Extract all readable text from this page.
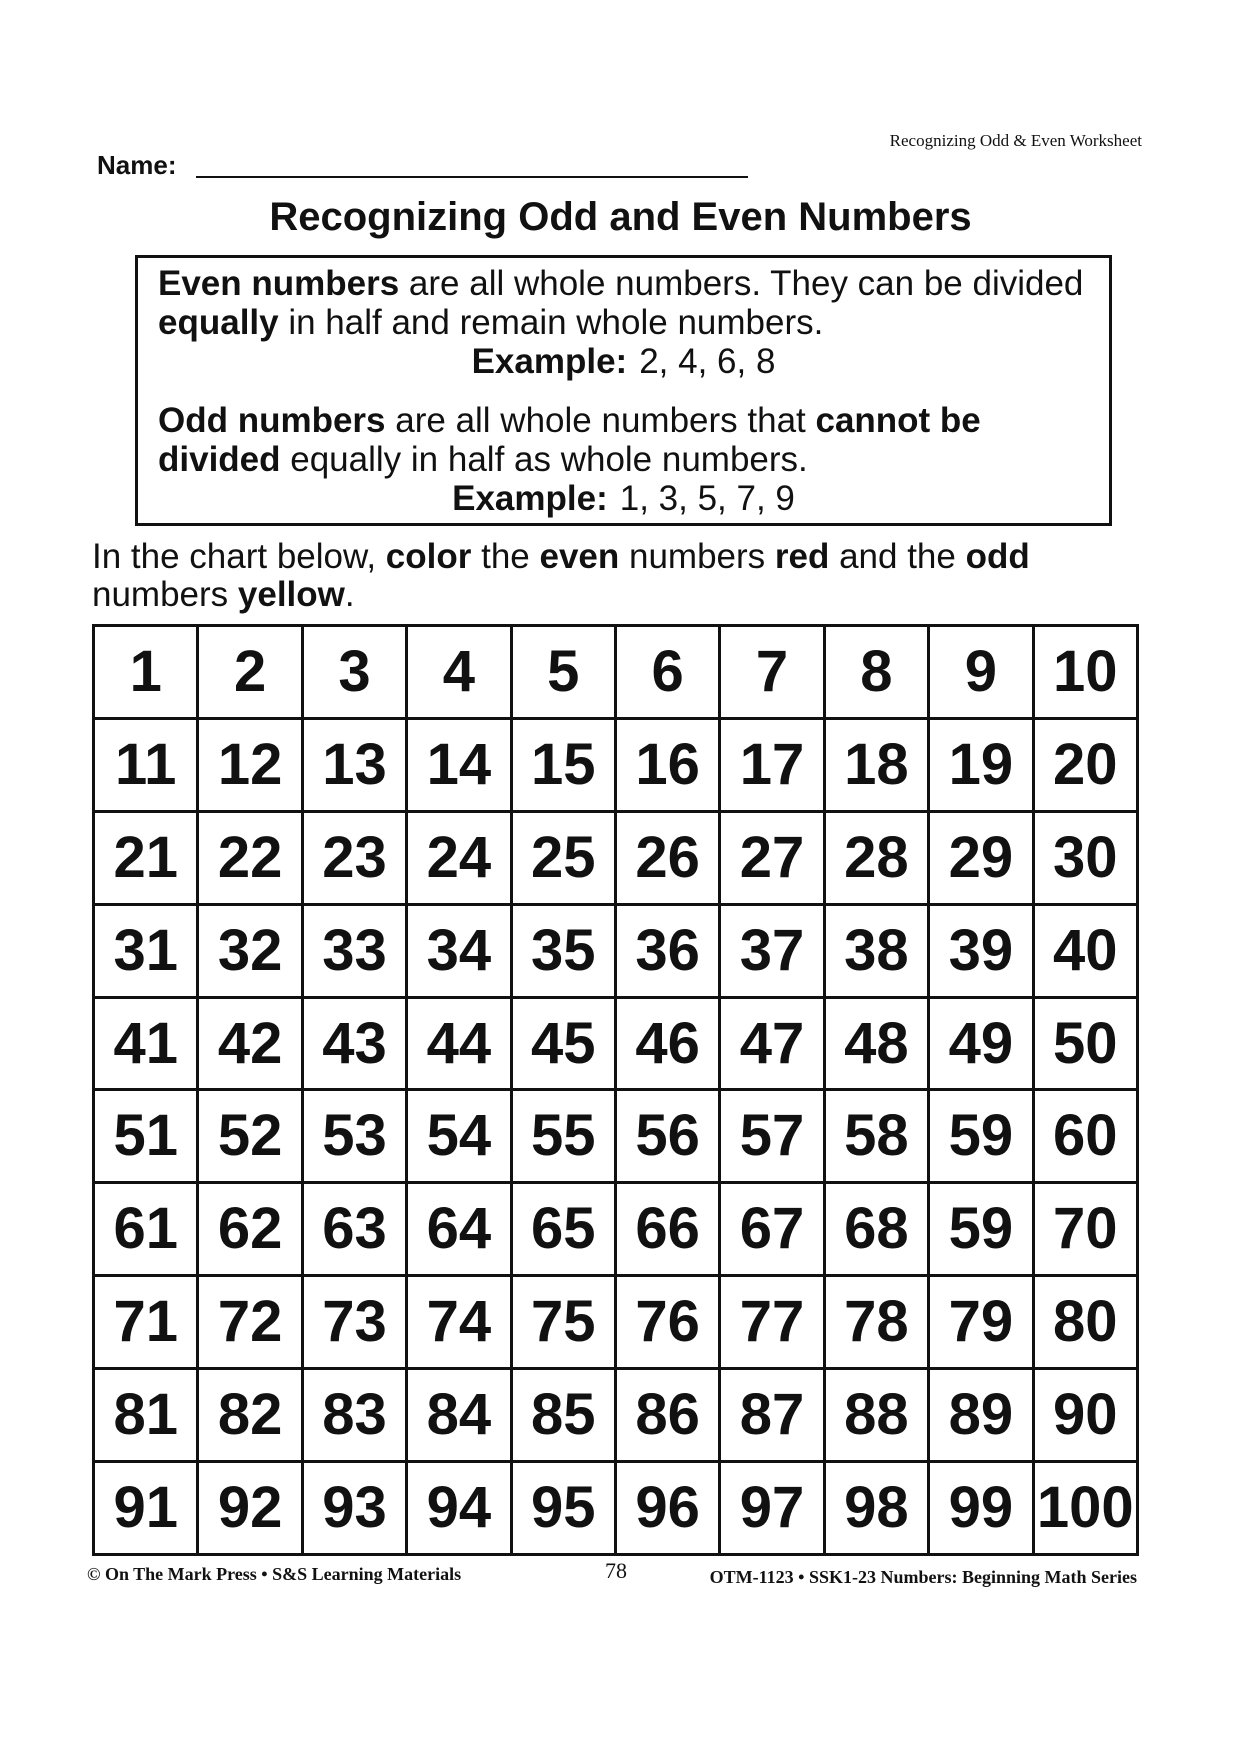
Recognizing Odd & Even Worksheet
Name:
Recognizing Odd and Even Numbers
Even numbers are all whole numbers. They can be divided
equally in half and remain whole numbers.
Example: 2, 4, 6, 8
Odd numbers are all whole numbers that cannot be
divided equally in half as whole numbers.
Example: 1, 3, 5, 7, 9
In the chart below, color the even numbers red and the odd
numbers yellow.
1	2	3	4	5	6	7	8	9	10
11	12	13	14	15	16	17	18	19	20
21	22	23	24	25	26	27	28	29	30
31	32	33	34	35	36	37	38	39	40
41	42	43	44	45	46	47	48	49	50
51	52	53	54	55	56	57	58	59	60
61	62	63	64	65	66	67	68	59	70
71	72	73	74	75	76	77	78	79	80
81	82	83	84	85	86	87	88	89	90
91	92	93	94	95	96	97	98	99	100
© On The Mark Press • S&S Learning Materials	78	OTM-1123 • SSK1-23 Numbers: Beginning Math Series
